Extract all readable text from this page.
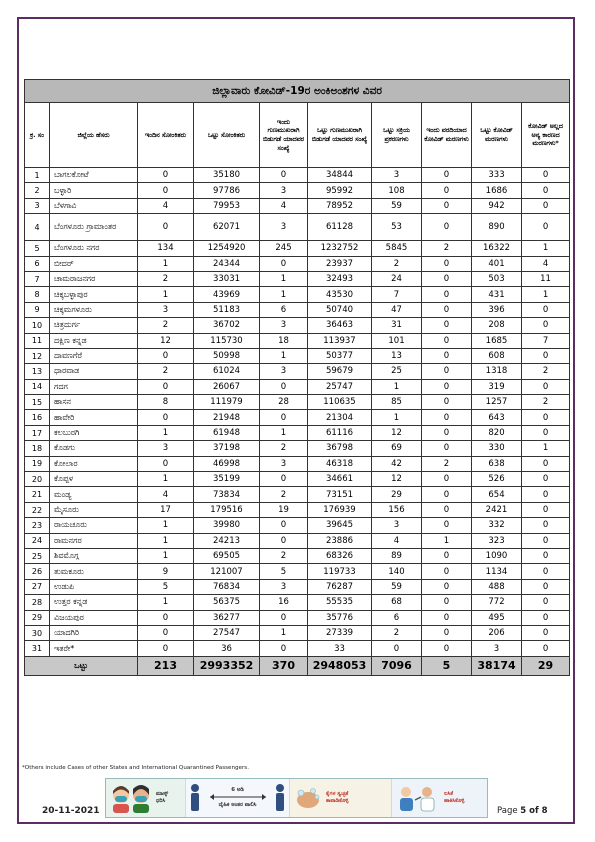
ಜಿಲ್ಲಾವಾರು ಕೋವಿಡ್-19ರ ಅಂಕಿಅಂಶಗಳ ವಿವರ									
ಕ್ರ. ಸಂ	ಜಿಲ್ಲೆಯ ಹೆಸರು	ಇಂದಿನ ಸೋಂಕಿತರು	ಒಟ್ಟು ಸೋಂಕಿತರು	ಇಂದು ಗುಣಮುಖರಾಗಿ ಬಿಡುಗಡೆ ಯಾದವರ ಸಂಖ್ಯೆ	ಒಟ್ಟು ಗುಣಮುಖರಾಗಿ ಬಿಡುಗಡೆ ಯಾದವರ ಸಂಖ್ಯೆ	ಒಟ್ಟು ಸಕ್ರಿಯ ಪ್ರಕರಣಗಳು	ಇಂದು ವರದಿಯಾದ ಕೋವಿಡ್ ಮರಣಗಳು	ಒಟ್ಟು ಕೋವಿಡ್ ಮರಣಗಳು	ಕೋವಿಡ್ ಅಲ್ಲದ ಅನ್ಯ ಕಾರಣದ ಮರಣಗಳು*
1	ಬಾಗಲಕೋಟೆ	0	35180	0	34844	3	0	333	0
2	ಬಳ್ಳಾರಿ	0	97786	3	95992	108	0	1686	0
3	ಬೆಳಗಾವಿ	4	79953	4	78952	59	0	942	0
4	ಬೆಂಗಳೂರು ಗ್ರಾಮಾಂತರ	0	62071	3	61128	53	0	890	0
5	ಬೆಂಗಳೂರು ನಗರ	134	1254920	245	1232752	5845	2	16322	1
6	ಬೀದರ್	1	24344	0	23937	2	0	401	4
7	ಚಾಮರಾಜನಗರ	2	33031	1	32493	24	0	503	11
8	ಚಿಕ್ಕಬಳ್ಳಾಪುರ	1	43969	1	43530	7	0	431	1
9	ಚಿಕ್ಕಮಗಳೂರು	3	51183	6	50740	47	0	396	0
10	ಚಿತ್ರದುರ್ಗ	2	36702	3	36463	31	0	208	0
11	ದಕ್ಷಿಣ ಕನ್ನಡ	12	115730	18	113937	101	0	1685	7
12	ದಾವಣಗೆರೆ	0	50998	1	50377	13	0	608	0
13	ಧಾರವಾಡ	2	61024	3	59679	25	0	1318	2
14	ಗದಗ	0	26067	0	25747	1	0	319	0
15	ಹಾಸನ	8	111979	28	110635	85	0	1257	2
16	ಹಾವೇರಿ	0	21948	0	21304	1	0	643	0
17	ಕಲಬುರಗಿ	1	61948	1	61116	12	0	820	0
18	ಕೊಡಗು	3	37198	2	36798	69	0	330	1
19	ಕೋಲಾರ	0	46998	3	46318	42	2	638	0
20	ಕೊಪ್ಪಳ	1	35199	0	34661	12	0	526	0
21	ಮಂಡ್ಯ	4	73834	2	73151	29	0	654	0
22	ಮೈಸೂರು	17	179516	19	176939	156	0	2421	0
23	ರಾಯಚೂರು	1	39980	0	39645	3	0	332	0
24	ರಾಮನಗರ	1	24213	0	23886	4	1	323	0
25	ಶಿವಮೊಗ್ಗ	1	69505	2	68326	89	0	1090	0
26	ತುಮಕೂರು	9	121007	5	119733	140	0	1134	0
27	ಉಡುಪಿ	5	76834	3	76287	59	0	488	0
28	ಉತ್ತರ ಕನ್ನಡ	1	56375	16	55535	68	0	772	0
29	ವಿಜಯಪುರ	0	36277	0	35776	6	0	495	0
30	ಯಾದಗಿರಿ	0	27547	1	27339	2	0	206	0
31	ಇತರೇ*	0	36	0	33	0	0	3	0
ಒಟ್ಟು		213	2993352	370	2948053	7096	5	38174	29
*Others include Cases of other States and International Quarantined Passengers.
ಮಾಸ್ಕ್
ಧರಿಸಿ
6 ಅಡಿ
ದೈಹಿಕ ಅಂತರ ಪಾಲಿಸಿ
ಕೈಗಳ ಸ್ವಚ್ಛತೆ
ಕಾಪಾಡಿಕೊಳ್ಳಿ
ಲಸಿಕೆ
ಹಾಕಿಸಿಕೊಳ್ಳಿ
20-11-2021	Page 5 of 8
